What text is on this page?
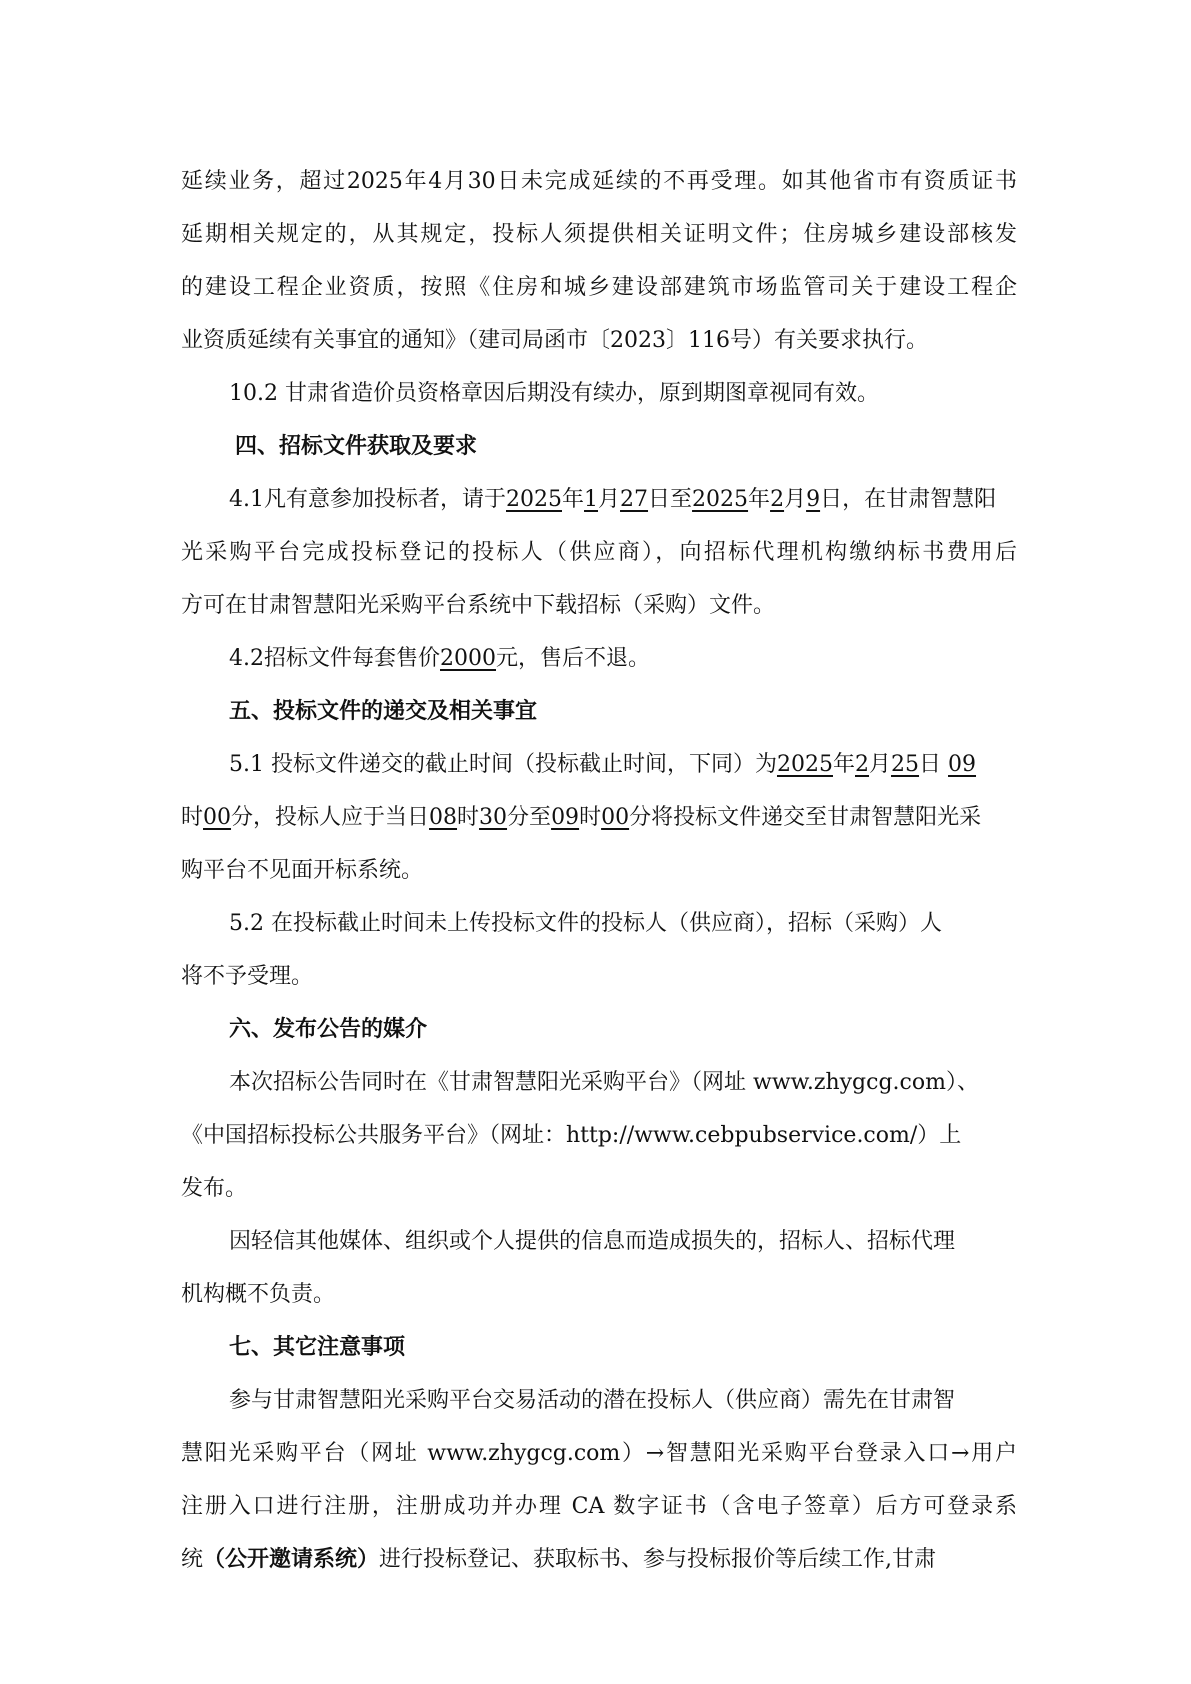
延续业务，超过2025年4月30日未完成延续的不再受理。如其他省市有资质证书
延期相关规定的，从其规定，投标人须提供相关证明文件；住房城乡建设部核发
的建设工程企业资质，按照《住房和城乡建设部建筑市场监管司关于建设工程企
业资质延续有关事宜的通知》（建司局函市〔2023〕116号）有关要求执行。
10.2 甘肃省造价员资格章因后期没有续办，原到期图章视同有效。
四、招标文件获取及要求
4.1凡有意参加投标者，请于2025年1月27日至2025年2月9日，在甘肃智慧阳
光采购平台完成投标登记的投标人（供应商），向招标代理机构缴纳标书费用后
方可在甘肃智慧阳光采购平台系统中下载招标（采购）文件。
4.2招标文件每套售价2000元，售后不退。
五、投标文件的递交及相关事宜
5.1 投标文件递交的截止时间（投标截止时间，下同）为2025年2月25日 09
时00分，投标人应于当日08时30分至09时00分将投标文件递交至甘肃智慧阳光采
购平台不见面开标系统。
5.2 在投标截止时间未上传投标文件的投标人（供应商），招标（采购）人
将不予受理。
六、发布公告的媒介
本次招标公告同时在《甘肃智慧阳光采购平台》（网址 www.zhygcg.com）、
《中国招标投标公共服务平台》（网址：http://www.cebpubservice.com/）上
发布。
因轻信其他媒体、组织或个人提供的信息而造成损失的，招标人、招标代理
机构概不负责。
七、其它注意事项
参与甘肃智慧阳光采购平台交易活动的潜在投标人（供应商）需先在甘肃智
慧阳光采购平台（网址 www.zhygcg.com）→智慧阳光采购平台登录入口→用户
注册入口进行注册，注册成功并办理 CA 数字证书（含电子签章）后方可登录系
统（公开邀请系统）进行投标登记、获取标书、参与投标报价等后续工作,甘肃
